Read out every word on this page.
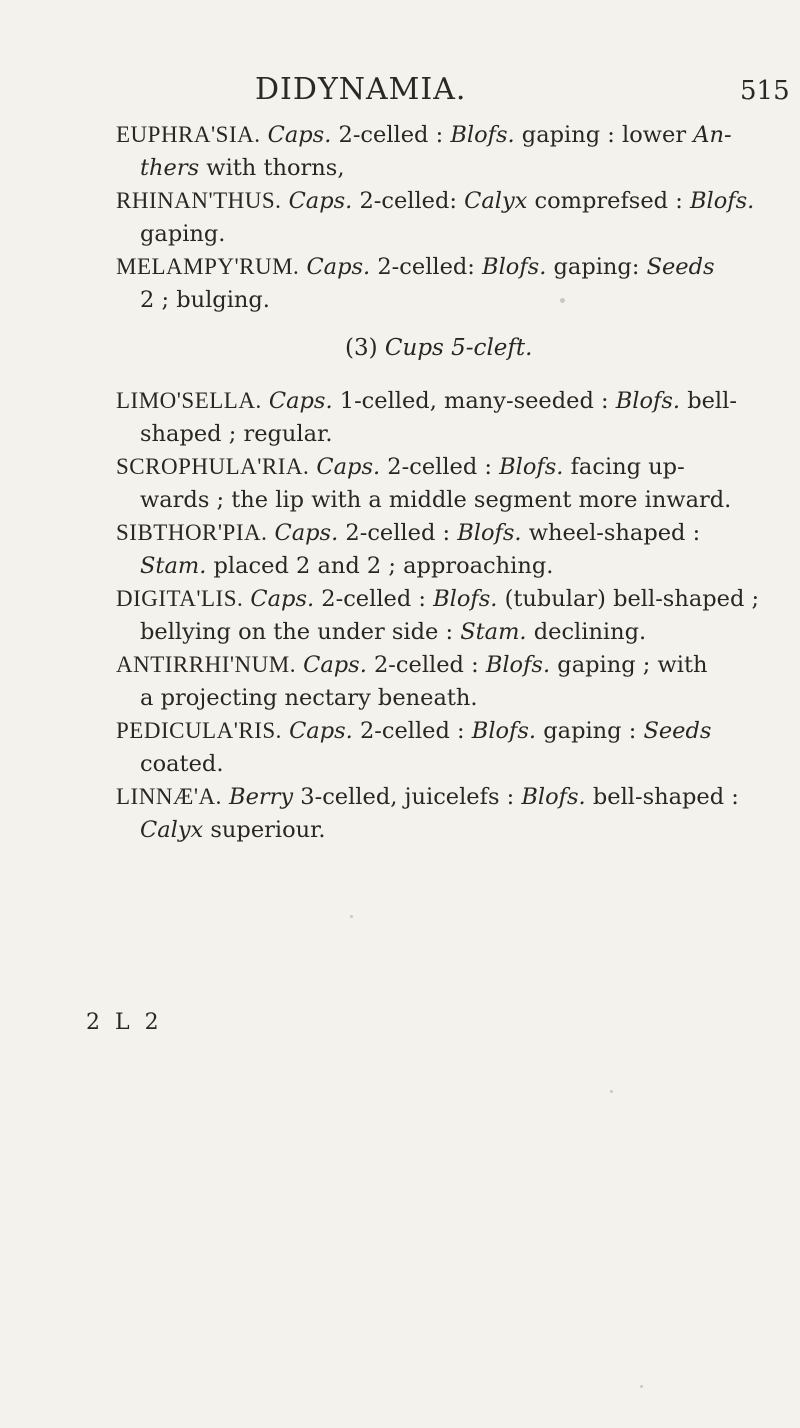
DIDYNAMIA.	515
EUPHRA'SIA. Caps. 2-celled : Blofs. gaping : lower An-
thers with thorns,
RHINAN'THUS. Caps. 2-celled: Calyx comprefsed : Blofs.
gaping.
MELAMPY'RUM. Caps. 2-celled: Blofs. gaping: Seeds
2 ; bulging.
(3) Cups 5-cleft.
LIMO'SELLA. Caps. 1-celled, many-seeded : Blofs. bell-
shaped ; regular.
SCROPHULA'RIA. Caps. 2-celled : Blofs. facing up-
wards ; the lip with a middle segment more inward.
SIBTHOR'PIA. Caps. 2-celled : Blofs. wheel-shaped :
Stam. placed 2 and 2 ; approaching.
DIGITA'LIS. Caps. 2-celled : Blofs. (tubular) bell-shaped ;
bellying on the under side : Stam. declining.
ANTIRRHI'NUM. Caps. 2-celled : Blofs. gaping ; with
a projecting nectary beneath.
PEDICULA'RIS. Caps. 2-celled : Blofs. gaping : Seeds
coated.
LINNÆ'A. Berry 3-celled, juicelefs : Blofs. bell-shaped :
Calyx superiour.
2 L 2
